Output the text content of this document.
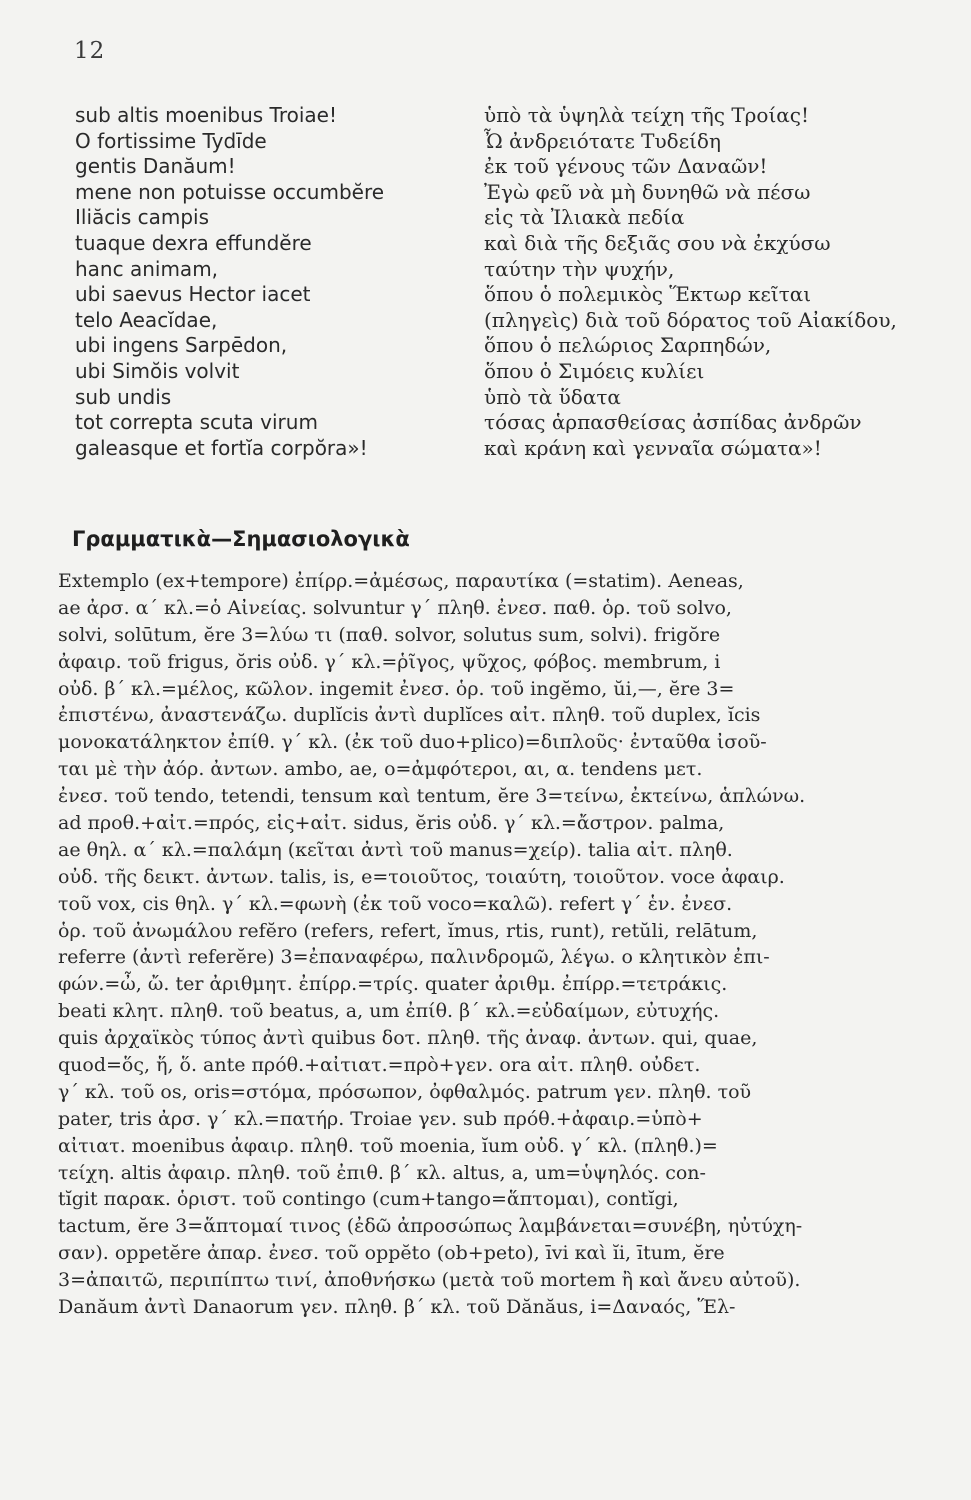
12
sub altis moenibus Troiae!
O fortissime Tydīde
gentis Danăum!
mene non potuisse occumbĕre
Iliăcis campis
tuaque dexra effundĕre
hanc animam,
ubi saevus Hector iacet
telo Aeacĭdae,
ubi ingens Sarpēdon,
ubi Simŏis volvit
sub undis
tot correpta scuta virum
galeasque et fortĭa corpŏra»!
ὑπὸ τὰ ὑψηλὰ τείχη τῆς Τροίας!
Ὦ ἀνδρειότατε Τυδείδη
ἐκ τοῦ γένους τῶν Δαναῶν!
Ἐγὼ φεῦ νὰ μὴ δυνηθῶ νὰ πέσω
εἰς τὰ Ἰλιακὰ πεδία
καὶ διὰ τῆς δεξιᾶς σου νὰ ἐκχύσω
ταύτην τὴν ψυχήν,
ὅπου ὁ πολεμικὸς Ἕκτωρ κεῖται
(πληγεὶς) διὰ τοῦ δόρατος τοῦ Αἰακίδου,
ὅπου ὁ πελώριος Σαρπηδών,
ὅπου ὁ Σιμόεις κυλίει
ὑπὸ τὰ ὕδατα
τόσας ἁρπασθείσας ἀσπίδας ἀνδρῶν
καὶ κράνη καὶ γενναῖα σώματα»!
Γραμματικὰ—Σημασιολογικὰ
Extemplo (ex+tempore) ἐπίρρ.=ἀμέσως, παραυτίκα (=statim). Aeneas,
ae ἀρσ. α΄ κλ.=ὁ Αἰνείας. solvuntur γ΄ πληθ. ἐνεσ. παθ. ὁρ. τοῦ solvo,
solvi, solūtum, ĕre 3=λύω τι (παθ. solvor, solutus sum, solvi). frigŏre
ἀφαιρ. τοῦ frigus, ŏris οὐδ. γ΄ κλ.=ῥῖγος, ψῦχος, φόβος. membrum, i
οὐδ. β΄ κλ.=μέλος, κῶλον. ingemit ἐνεσ. ὁρ. τοῦ ingĕmo, ŭi,—, ĕre 3=
ἐπιστένω, ἀναστενάζω. duplĭcis ἀντὶ duplĭces αἰτ. πληθ. τοῦ duplex, ĭcis
μονοκατάληκτον ἐπίθ. γ΄ κλ. (ἐκ τοῦ duo+plico)=διπλοῦς· ἐνταῦθα ἰσοῦ-
ται μὲ τὴν ἀόρ. ἀντων. ambo, ae, o=ἀμφότεροι, αι, α. tendens μετ.
ἐνεσ. τοῦ tendo, tetendi, tensum καὶ tentum, ĕre 3=τείνω, ἐκτείνω, ἁπλώνω.
ad προθ.+αἰτ.=πρός, εἰς+αἰτ. sidus, ĕris οὐδ. γ΄ κλ.=ἄστρον. palma,
ae θηλ. α΄ κλ.=παλάμη (κεῖται ἀντὶ τοῦ manus=χείρ). talia αἰτ. πληθ.
οὐδ. τῆς δεικτ. ἀντων. talis, is, e=τοιοῦτος, τοιαύτη, τοιοῦτον. voce ἀφαιρ.
τοῦ vox, cis θηλ. γ΄ κλ.=φωνὴ (ἐκ τοῦ voco=καλῶ). refert γ΄ ἑν. ἐνεσ.
ὁρ. τοῦ ἀνωμάλου refĕro (refers, refert, ĭmus, rtis, runt), retŭli, relātum,
referre (ἀντὶ referĕre) 3=ἐπαναφέρω, παλινδρομῶ, λέγω. ο κλητικὸν ἐπι-
φών.=ὦ, ὤ. ter ἀριθμητ. ἐπίρρ.=τρίς. quater ἀριθμ. ἐπίρρ.=τετράκις.
beati κλητ. πληθ. τοῦ beatus, a, um ἐπίθ. β΄ κλ.=εὐδαίμων, εὐτυχής.
quis ἀρχαϊκὸς τύπος ἀντὶ quibus δοτ. πληθ. τῆς ἀναφ. ἀντων. qui, quae,
quod=ὅς, ἥ, ὅ. ante πρόθ.+αἰτιατ.=πρὸ+γεν. ora αἰτ. πληθ. οὐδετ.
γ΄ κλ. τοῦ os, oris=στόμα, πρόσωπον, ὀφθαλμός. patrum γεν. πληθ. τοῦ
pater, tris ἀρσ. γ΄ κλ.=πατήρ. Troiae γεν. sub πρόθ.+ἀφαιρ.=ὑπὸ+
αἰτιατ. moenibus ἀφαιρ. πληθ. τοῦ moenia, ĭum οὐδ. γ΄ κλ. (πληθ.)=
τείχη. altis ἀφαιρ. πληθ. τοῦ ἐπιθ. β΄ κλ. altus, a, um=ὑψηλός. con-
tĭgit παρακ. ὁριστ. τοῦ contingo (cum+tango=ἅπτομαι), contĭgi,
tactum, ĕre 3=ἅπτομαί τινος (ἐδῶ ἀπροσώπως λαμβάνεται=συνέβη, ηὐτύχη-
σαν). oppetĕre ἀπαρ. ἐνεσ. τοῦ oppĕto (ob+peto), īvi καὶ ĭi, ītum, ĕre
3=ἀπαιτῶ, περιπίπτω τινί, ἀποθνήσκω (μετὰ τοῦ mortem ἢ καὶ ἄνευ αὐτοῦ).
Danăum ἀντὶ Danaorum γεν. πληθ. β΄ κλ. τοῦ Dănăus, i=Δαναός, Ἕλ-
